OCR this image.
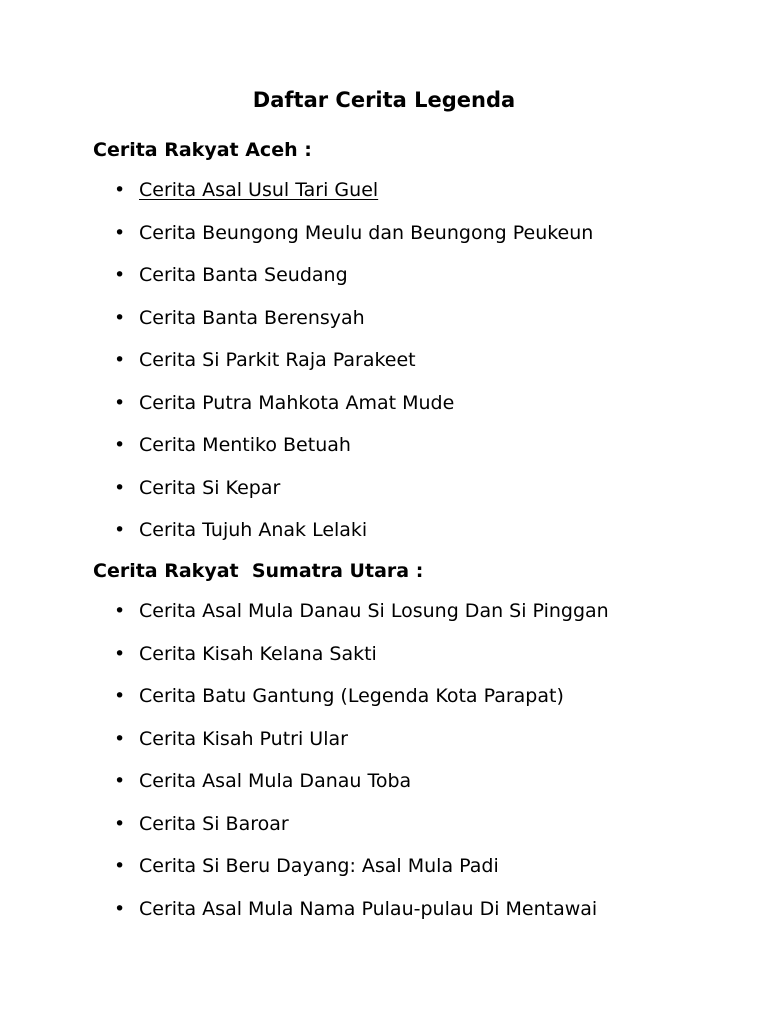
Daftar Cerita Legenda
Cerita Rakyat Aceh :

•

Cerita Asal Usul Tari Guel

•

Cerita Beungong Meulu dan Beungong Peukeun

•

Cerita Banta Seudang

•

Cerita Banta Berensyah

•

Cerita Si Parkit Raja Parakeet

•

Cerita Putra Mahkota Amat Mude

•

Cerita Mentiko Betuah

•

Cerita Si Kepar

•

Cerita Tujuh Anak Lelaki

Cerita Rakyat  Sumatra Utara :

•

Cerita Asal Mula Danau Si Losung Dan Si Pinggan

•

Cerita Kisah Kelana Sakti

•

Cerita Batu Gantung (Legenda Kota Parapat)

•

Cerita Kisah Putri Ular

•

Cerita Asal Mula Danau Toba

•

Cerita Si Baroar

•

Cerita Si Beru Dayang: Asal Mula Padi

•

Cerita Asal Mula Nama Pulau-pulau Di Mentawai
